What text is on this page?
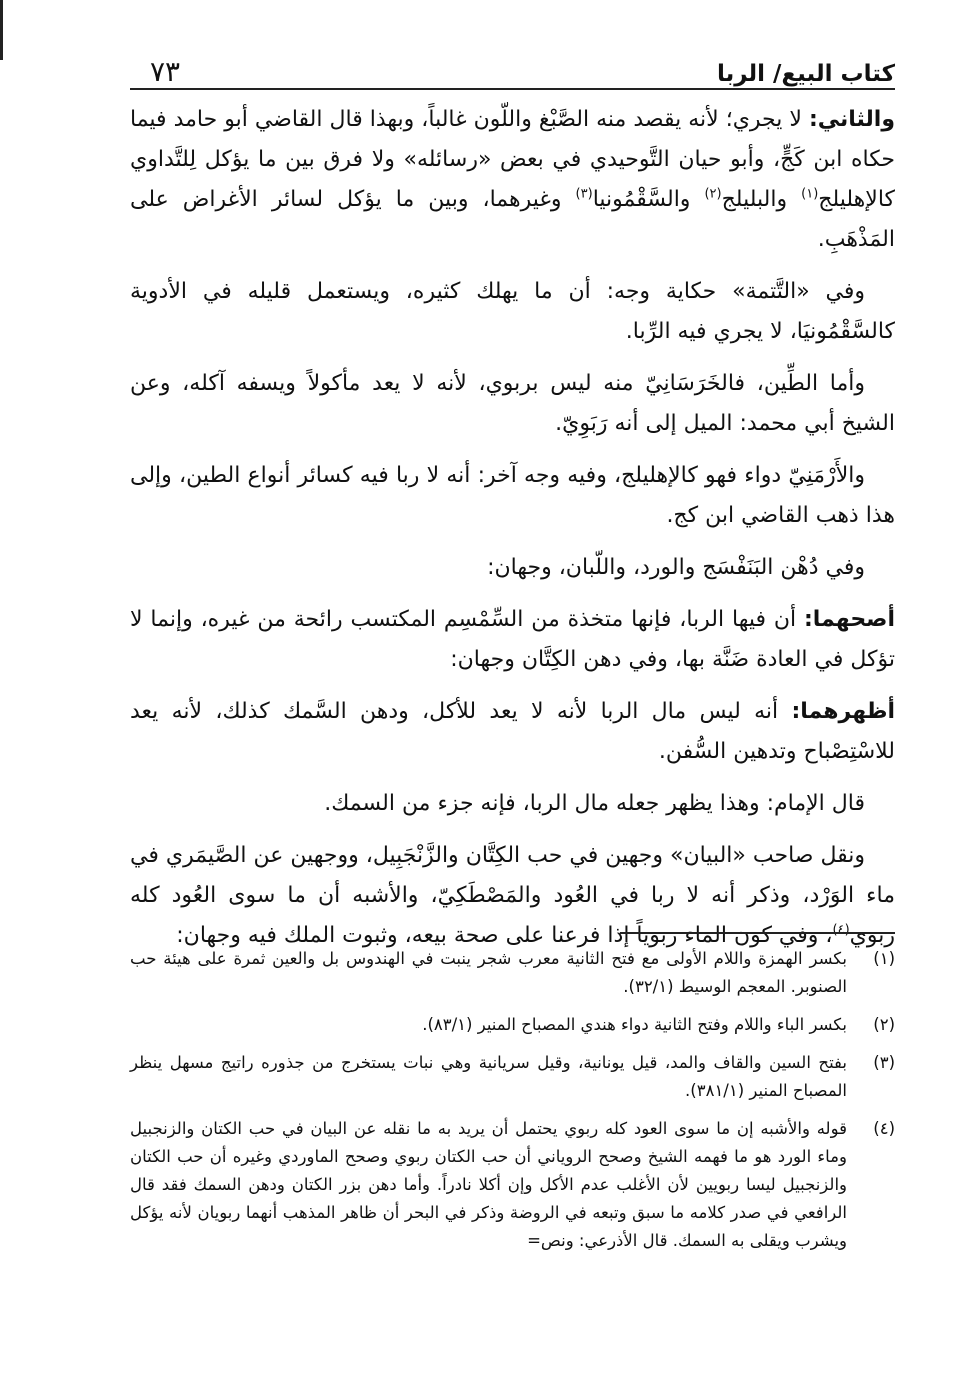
٧٣	كتاب البيع/ الربا

والثاني: لا يجري؛ لأنه يقصد منه الصَّبْغ واللّون غالباً، وبهذا قال القاضي أبو حامد فيما حكاه ابن كَجٍّ، وأبو حيان التَّوحيدي في بعض «رسائله» ولا فرق بين ما يؤكل لِلتَّداوي كالإهليلج$^{(١)}$ والبليلج$^{(٢)}$ والسَّقْمُونيا$^{(٣)}$ وغيرهما، وبين ما يؤكل لسائر الأغراض على المَذْهَبِ.

وفي «التَّتمة» حكاية وجه: أن ما يهلك كثيره، ويستعمل قليله في الأدوية كالسَّقْمُونيَا، لا يجري فيه الرِّبا.

وأما الطِّين، فالخَرَسَانِيّ منه ليس بربوي، لأنه لا يعد مأكولاً ويسفه آكله، وعن الشيخ أبي محمد: الميل إلى أنه رَبَوِيّ.

والأَرْمَنِيّ دواء فهو كالإهليلج، وفيه وجه آخر: أنه لا ربا فيه كسائر أنواع الطين، وإلى هذا ذهب القاضي ابن كج.

وفي دُهْن البَنَفْسَج والورد، واللّبان، وجهان:

أصحهما: أن فيها الربا، فإنها متخذة من السِّمْسِم المكتسب رائحة من غيره، وإنما لا تؤكل في العادة ضَنَّة بها، وفي دهن الكِتَّان وجهان:

أظهرهما: أنه ليس مال الربا لأنه لا يعد للأكل، ودهن السَّمك كذلك، لأنه يعد للاسْتِصْباح وتدهين السُّفن.

قال الإمام: وهذا يظهر جعله مال الربا، فإنه جزء من السمك.

ونقل صاحب «البيان» وجهين في حب الكِتَّان والزَّنْجَبِيل، ووجهين عن الصَّيمَري في ماء الوَرْد، وذكر أنه لا ربا في العُود والمَصْطَكِيّ، والأشبه أن ما سوى العُود كله ربوي$^{(٤)}$، وفي كون الماء ربوياً إذا فرعنا على صحة بيعه، وثبوت الملك فيه وجهان:

(١)
بكسر الهمزة واللام الأولى مع فتح الثانية معرب شجر ينبت في الهندوس بل والعين ثمرة على هيئة حب الصنوبر. المعجم الوسيط (٣٢/١).
(٢)
بكسر الباء واللام وفتح الثانية دواء هندي المصباح المنير (٨٣/١).
(٣)
بفتح السين والقاف والمد، قيل يونانية، وقيل سريانية وهي نبات يستخرج من جذوره راتيج مسهل ينظر المصباح المنير (٣٨١/١).
(٤)
قوله والأشبه إن ما سوى العود كله ربوي يحتمل أن يريد به ما نقله عن البيان في حب الكتان والزنجبيل وماء الورد هو ما فهمه الشيخ وصحح الروياني أن حب الكتان ربوي وصحح الماوردي وغيره أن حب الكتان والزنجبيل ليسا ربويين لأن الأغلب عدم الأكل وإن أكلا نادراً. وأما دهن بزر الكتان ودهن السمك فقد قال الرافعي في صدر كلامه ما سبق وتبعه في الروضة وذكر في البحر أن ظاهر المذهب أنهما ربويان لأنه يؤكل ويشرب ويقلى به السمك. قال الأذرعي: ونص=
